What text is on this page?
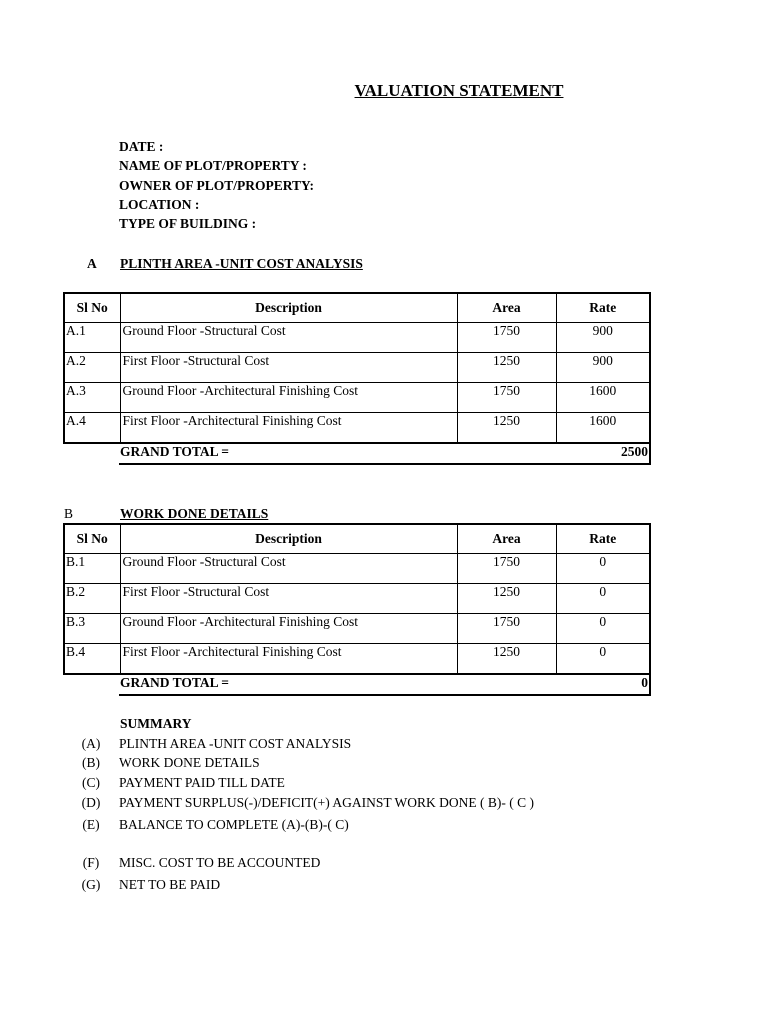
VALUATION STATEMENT
DATE :
NAME OF PLOT/PROPERTY :
OWNER OF PLOT/PROPERTY:
LOCATION :
TYPE OF BUILDING :
A PLINTH AREA -UNIT COST ANALYSIS
Sl No	Description	Area	Rate
A.1	Ground Floor -Structural Cost	1750	900
A.2	First Floor -Structural Cost	1250	900
A.3	Ground Floor -Architectural Finishing Cost	1750	1600
A.4	First Floor -Architectural Finishing Cost	1250	1600
GRAND TOTAL =	2500
B	WORK DONE DETAILS
Sl No	Description	Area	Rate
B.1	Ground Floor -Structural Cost	1750	0
B.2	First Floor -Structural Cost	1250	0
B.3	Ground Floor -Architectural Finishing Cost	1750	0
B.4	First Floor -Architectural Finishing Cost	1250	0
GRAND TOTAL =	0
SUMMARY
(A)	PLINTH AREA -UNIT COST ANALYSIS
(B)	WORK DONE DETAILS
(C)	PAYMENT PAID TILL DATE
(D)	PAYMENT SURPLUS(-)/DEFICIT(+) AGAINST WORK DONE ( B)- ( C )
(E)	BALANCE TO COMPLETE (A)-(B)-( C)
(F)	MISC. COST TO BE ACCOUNTED
(G)	NET TO BE PAID
